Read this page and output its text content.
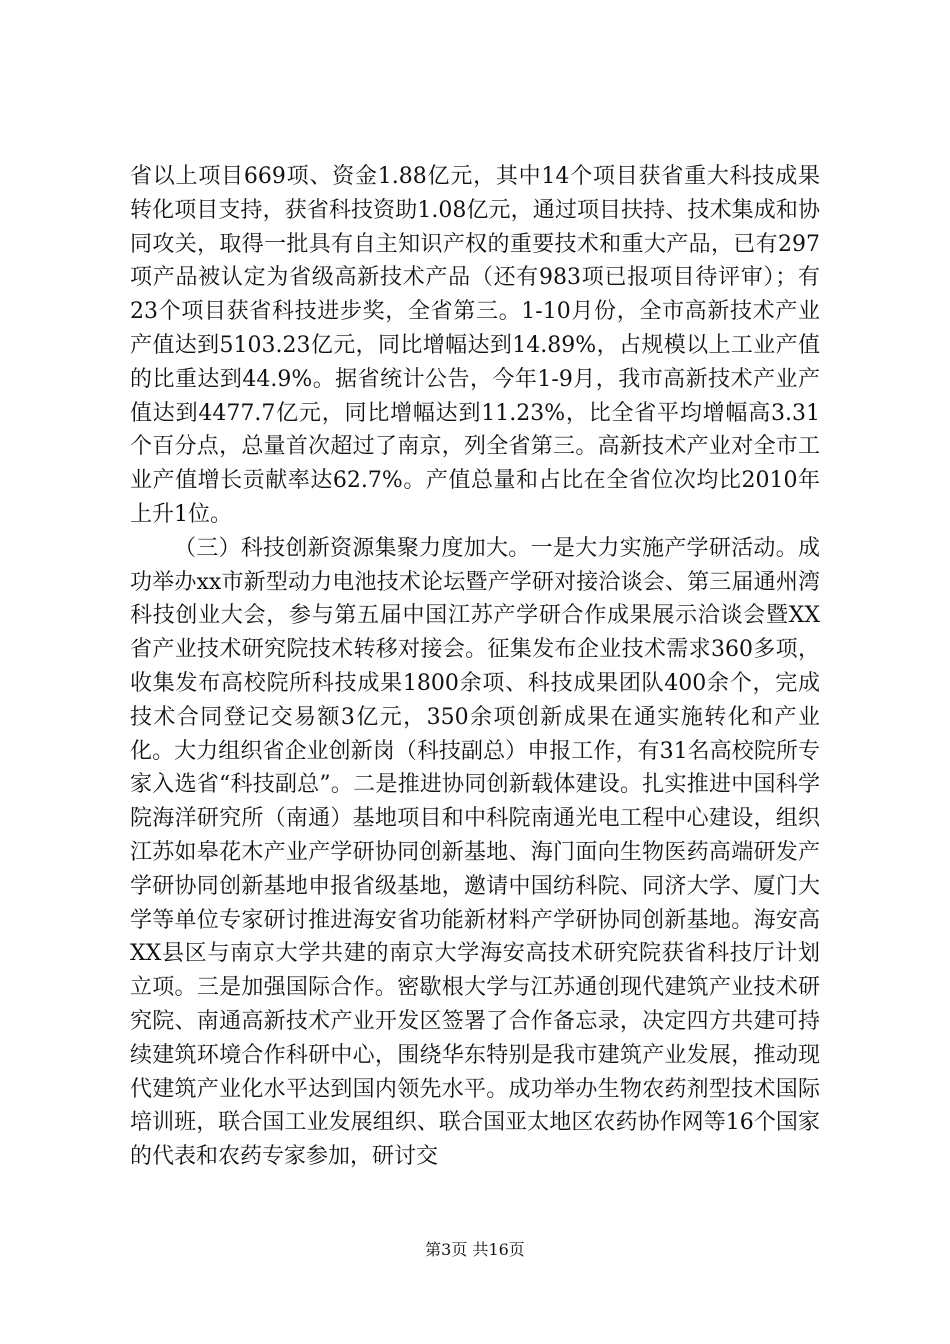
省以上项目669项、资金1.88亿元，其中14个项目获省重大科技成果转化项目支持，获省科技资助1.08亿元，通过项目扶持、技术集成和协同攻关，取得一批具有自主知识产权的重要技术和重大产品，已有297项产品被认定为省级高新技术产品（还有983项已报项目待评审）；有23个项目获省科技进步奖，全省第三。1-10月份，全市高新技术产业产值达到5103.23亿元，同比增幅达到14.89%，占规模以上工业产值的比重达到44.9%。据省统计公告，今年1-9月，我市高新技术产业产值达到4477.7亿元，同比增幅达到11.23%，比全省平均增幅高3.31个百分点，总量首次超过了南京，列全省第三。高新技术产业对全市工业产值增长贡献率达62.7%。产值总量和占比在全省位次均比2010年上升1位。

（三）科技创新资源集聚力度加大。一是大力实施产学研活动。成功举办xx市新型动力电池技术论坛暨产学研对接洽谈会、第三届通州湾科技创业大会，参与第五届中国江苏产学研合作成果展示洽谈会暨XX省产业技术研究院技术转移对接会。征集发布企业技术需求360多项，收集发布高校院所科技成果1800余项、科技成果团队400余个，完成技术合同登记交易额3亿元，350余项创新成果在通实施转化和产业化。大力组织省企业创新岗（科技副总）申报工作，有31名高校院所专家入选省“科技副总”。二是推进协同创新载体建设。扎实推进中国科学院海洋研究所（南通）基地项目和中科院南通光电工程中心建设，组织江苏如皋花木产业产学研协同创新基地、海门面向生物医药高端研发产学研协同创新基地申报省级基地，邀请中国纺科院、同济大学、厦门大学等单位专家研讨推进海安省功能新材料产学研协同创新基地。海安高XX县区与南京大学共建的南京大学海安高技术研究院获省科技厅计划立项。三是加强国际合作。密歇根大学与江苏通创现代建筑产业技术研究院、南通高新技术产业开发区签署了合作备忘录，决定四方共建可持续建筑环境合作科研中心，围绕华东特别是我市建筑产业发展，推动现代建筑产业化水平达到国内领先水平。成功举办生物农药剂型技术国际培训班，联合国工业发展组织、联合国亚太地区农药协作网等16个国家的代表和农药专家参加，研讨交

第3页 共16页
